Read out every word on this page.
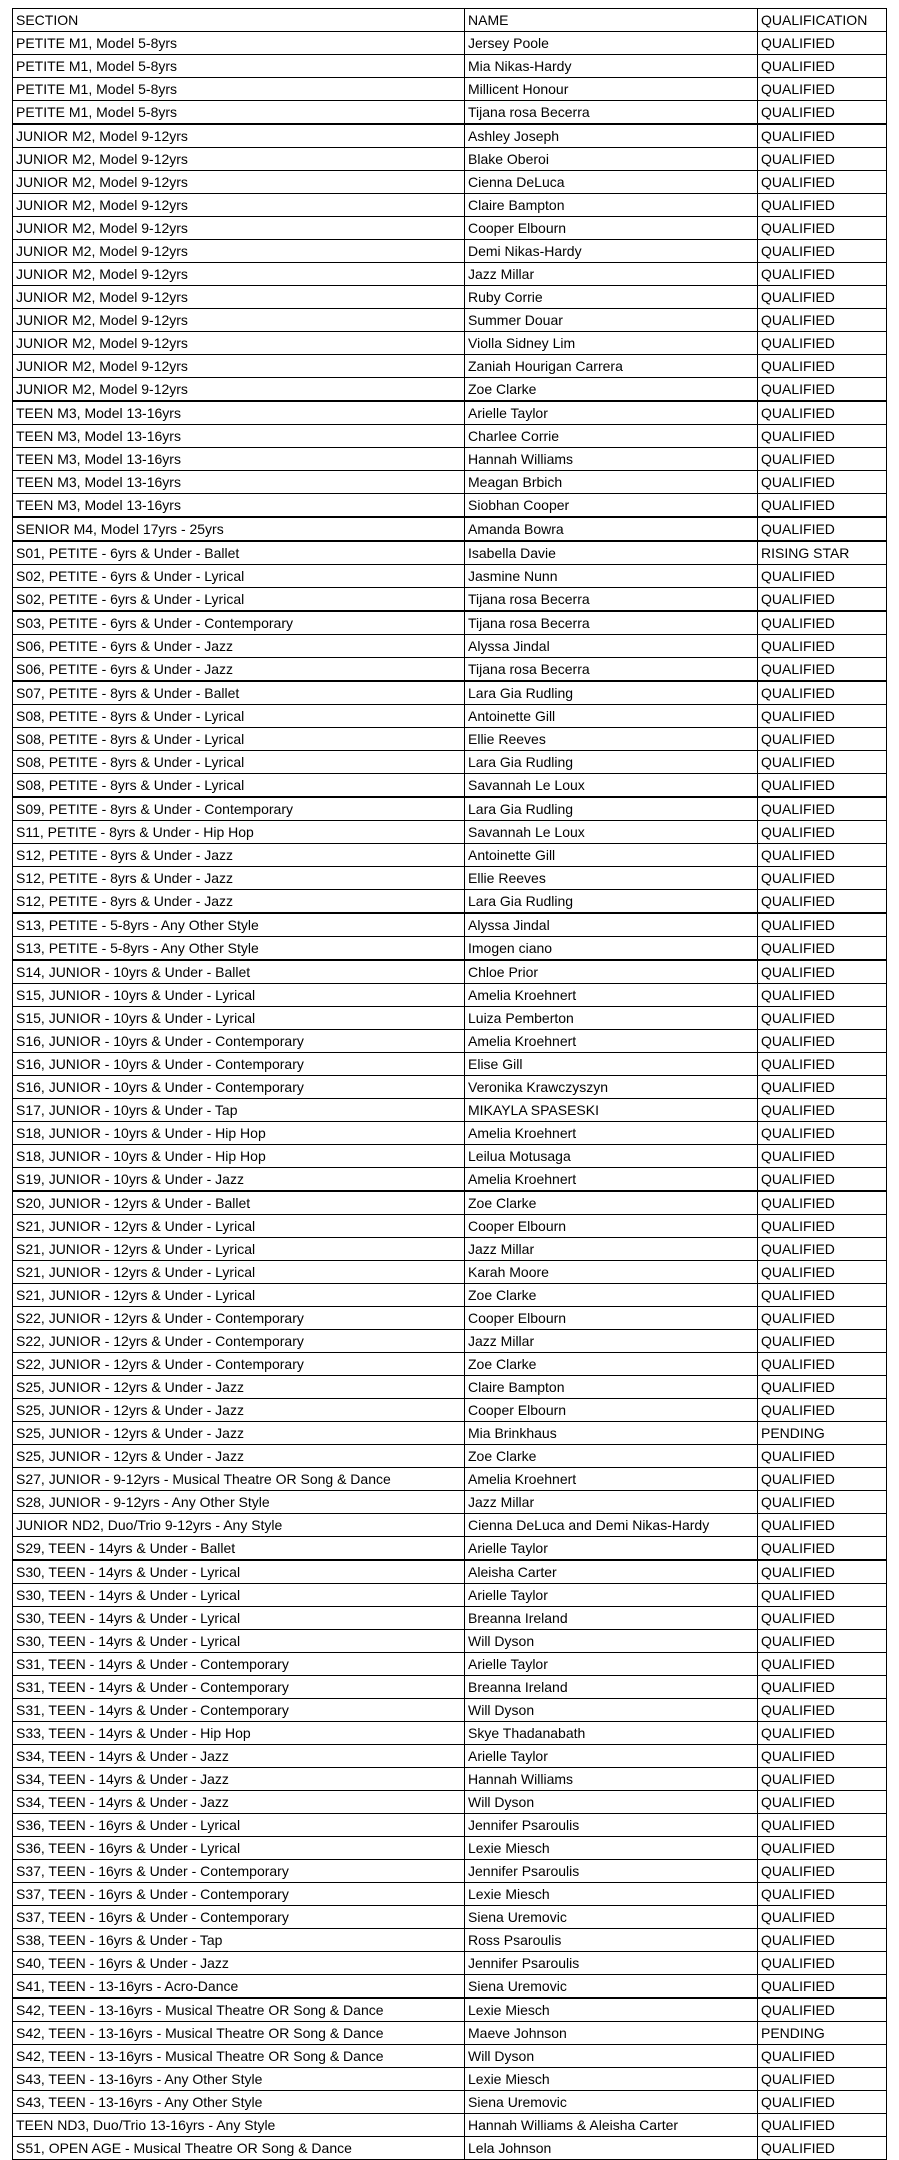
SECTION	NAME	QUALIFICATION
PETITE M1, Model 5-8yrs	Jersey Poole	QUALIFIED
PETITE M1, Model 5-8yrs	Mia Nikas-Hardy	QUALIFIED
PETITE M1, Model 5-8yrs	Millicent Honour	QUALIFIED
PETITE M1, Model 5-8yrs	Tijana rosa Becerra	QUALIFIED
JUNIOR M2, Model 9-12yrs	Ashley Joseph	QUALIFIED
JUNIOR M2, Model 9-12yrs	Blake Oberoi	QUALIFIED
JUNIOR M2, Model 9-12yrs	Cienna DeLuca	QUALIFIED
JUNIOR M2, Model 9-12yrs	Claire Bampton	QUALIFIED
JUNIOR M2, Model 9-12yrs	Cooper Elbourn	QUALIFIED
JUNIOR M2, Model 9-12yrs	Demi Nikas-Hardy	QUALIFIED
JUNIOR M2, Model 9-12yrs	Jazz Millar	QUALIFIED
JUNIOR M2, Model 9-12yrs	Ruby Corrie	QUALIFIED
JUNIOR M2, Model 9-12yrs	Summer Douar	QUALIFIED
JUNIOR M2, Model 9-12yrs	Violla Sidney Lim	QUALIFIED
JUNIOR M2, Model 9-12yrs	Zaniah Hourigan Carrera	QUALIFIED
JUNIOR M2, Model 9-12yrs	Zoe Clarke	QUALIFIED
TEEN M3, Model 13-16yrs	Arielle Taylor	QUALIFIED
TEEN M3, Model 13-16yrs	Charlee Corrie	QUALIFIED
TEEN M3, Model 13-16yrs	Hannah Williams	QUALIFIED
TEEN M3, Model 13-16yrs	Meagan Brbich	QUALIFIED
TEEN M3, Model 13-16yrs	Siobhan Cooper	QUALIFIED
SENIOR M4, Model 17yrs - 25yrs	Amanda Bowra	QUALIFIED
S01, PETITE - 6yrs & Under - Ballet	Isabella Davie	RISING STAR
S02, PETITE - 6yrs & Under - Lyrical	Jasmine Nunn	QUALIFIED
S02, PETITE - 6yrs & Under - Lyrical	Tijana rosa Becerra	QUALIFIED
S03, PETITE - 6yrs & Under - Contemporary	Tijana rosa Becerra	QUALIFIED
S06, PETITE - 6yrs & Under - Jazz	Alyssa Jindal	QUALIFIED
S06, PETITE - 6yrs & Under - Jazz	Tijana rosa Becerra	QUALIFIED
S07, PETITE - 8yrs & Under - Ballet	Lara Gia Rudling	QUALIFIED
S08, PETITE - 8yrs & Under - Lyrical	Antoinette Gill	QUALIFIED
S08, PETITE - 8yrs & Under - Lyrical	Ellie Reeves	QUALIFIED
S08, PETITE - 8yrs & Under - Lyrical	Lara Gia Rudling	QUALIFIED
S08, PETITE - 8yrs & Under - Lyrical	Savannah Le Loux	QUALIFIED
S09, PETITE - 8yrs & Under - Contemporary	Lara Gia Rudling	QUALIFIED
S11, PETITE - 8yrs & Under - Hip Hop	Savannah Le Loux	QUALIFIED
S12, PETITE - 8yrs & Under - Jazz	Antoinette Gill	QUALIFIED
S12, PETITE - 8yrs & Under - Jazz	Ellie Reeves	QUALIFIED
S12, PETITE - 8yrs & Under - Jazz	Lara Gia Rudling	QUALIFIED
S13, PETITE - 5-8yrs - Any Other Style	Alyssa Jindal	QUALIFIED
S13, PETITE - 5-8yrs - Any Other Style	Imogen ciano	QUALIFIED
S14, JUNIOR - 10yrs & Under - Ballet	Chloe Prior	QUALIFIED
S15, JUNIOR - 10yrs & Under - Lyrical	Amelia Kroehnert	QUALIFIED
S15, JUNIOR - 10yrs & Under - Lyrical	Luiza Pemberton	QUALIFIED
S16, JUNIOR - 10yrs & Under - Contemporary	Amelia Kroehnert	QUALIFIED
S16, JUNIOR - 10yrs & Under - Contemporary	Elise Gill	QUALIFIED
S16, JUNIOR - 10yrs & Under - Contemporary	Veronika Krawczyszyn	QUALIFIED
S17, JUNIOR - 10yrs & Under - Tap	MIKAYLA SPASESKI	QUALIFIED
S18, JUNIOR - 10yrs & Under - Hip Hop	Amelia Kroehnert	QUALIFIED
S18, JUNIOR - 10yrs & Under - Hip Hop	Leilua Motusaga	QUALIFIED
S19, JUNIOR - 10yrs & Under - Jazz	Amelia Kroehnert	QUALIFIED
S20, JUNIOR - 12yrs & Under - Ballet	Zoe Clarke	QUALIFIED
S21, JUNIOR - 12yrs & Under - Lyrical	Cooper Elbourn	QUALIFIED
S21, JUNIOR - 12yrs & Under - Lyrical	Jazz Millar	QUALIFIED
S21, JUNIOR - 12yrs & Under - Lyrical	Karah Moore	QUALIFIED
S21, JUNIOR - 12yrs & Under - Lyrical	Zoe Clarke	QUALIFIED
S22, JUNIOR - 12yrs & Under - Contemporary	Cooper Elbourn	QUALIFIED
S22, JUNIOR - 12yrs & Under - Contemporary	Jazz Millar	QUALIFIED
S22, JUNIOR - 12yrs & Under - Contemporary	Zoe Clarke	QUALIFIED
S25, JUNIOR - 12yrs & Under - Jazz	Claire Bampton	QUALIFIED
S25, JUNIOR - 12yrs & Under - Jazz	Cooper Elbourn	QUALIFIED
S25, JUNIOR - 12yrs & Under - Jazz	Mia Brinkhaus	PENDING
S25, JUNIOR - 12yrs & Under - Jazz	Zoe Clarke	QUALIFIED
S27, JUNIOR - 9-12yrs - Musical Theatre OR Song & Dance	Amelia Kroehnert	QUALIFIED
S28, JUNIOR - 9-12yrs - Any Other Style	Jazz Millar	QUALIFIED
JUNIOR ND2, Duo/Trio 9-12yrs - Any Style	Cienna DeLuca and Demi Nikas-Hardy	QUALIFIED
S29, TEEN - 14yrs & Under - Ballet	Arielle Taylor	QUALIFIED
S30, TEEN - 14yrs & Under - Lyrical	Aleisha Carter	QUALIFIED
S30, TEEN - 14yrs & Under - Lyrical	Arielle Taylor	QUALIFIED
S30, TEEN - 14yrs & Under - Lyrical	Breanna Ireland	QUALIFIED
S30, TEEN - 14yrs & Under - Lyrical	Will Dyson	QUALIFIED
S31, TEEN - 14yrs & Under - Contemporary	Arielle Taylor	QUALIFIED
S31, TEEN - 14yrs & Under - Contemporary	Breanna Ireland	QUALIFIED
S31, TEEN - 14yrs & Under - Contemporary	Will Dyson	QUALIFIED
S33, TEEN - 14yrs & Under - Hip Hop	Skye Thadanabath	QUALIFIED
S34, TEEN - 14yrs & Under - Jazz	Arielle Taylor	QUALIFIED
S34, TEEN - 14yrs & Under - Jazz	Hannah Williams	QUALIFIED
S34, TEEN - 14yrs & Under - Jazz	Will Dyson	QUALIFIED
S36, TEEN - 16yrs & Under - Lyrical	Jennifer Psaroulis	QUALIFIED
S36, TEEN - 16yrs & Under - Lyrical	Lexie Miesch	QUALIFIED
S37, TEEN - 16yrs & Under - Contemporary	Jennifer Psaroulis	QUALIFIED
S37, TEEN - 16yrs & Under - Contemporary	Lexie Miesch	QUALIFIED
S37, TEEN - 16yrs & Under - Contemporary	Siena Uremovic	QUALIFIED
S38, TEEN - 16yrs & Under - Tap	Ross Psaroulis	QUALIFIED
S40, TEEN - 16yrs & Under - Jazz	Jennifer Psaroulis	QUALIFIED
S41, TEEN - 13-16yrs - Acro-Dance	Siena Uremovic	QUALIFIED
S42, TEEN - 13-16yrs - Musical Theatre OR Song & Dance	Lexie Miesch	QUALIFIED
S42, TEEN - 13-16yrs - Musical Theatre OR Song & Dance	Maeve Johnson	PENDING
S42, TEEN - 13-16yrs - Musical Theatre OR Song & Dance	Will Dyson	QUALIFIED
S43, TEEN - 13-16yrs - Any Other Style	Lexie Miesch	QUALIFIED
S43, TEEN - 13-16yrs - Any Other Style	Siena Uremovic	QUALIFIED
TEEN ND3, Duo/Trio 13-16yrs - Any Style	Hannah Williams & Aleisha Carter	QUALIFIED
S51, OPEN AGE - Musical Theatre OR Song & Dance	Lela Johnson	QUALIFIED
